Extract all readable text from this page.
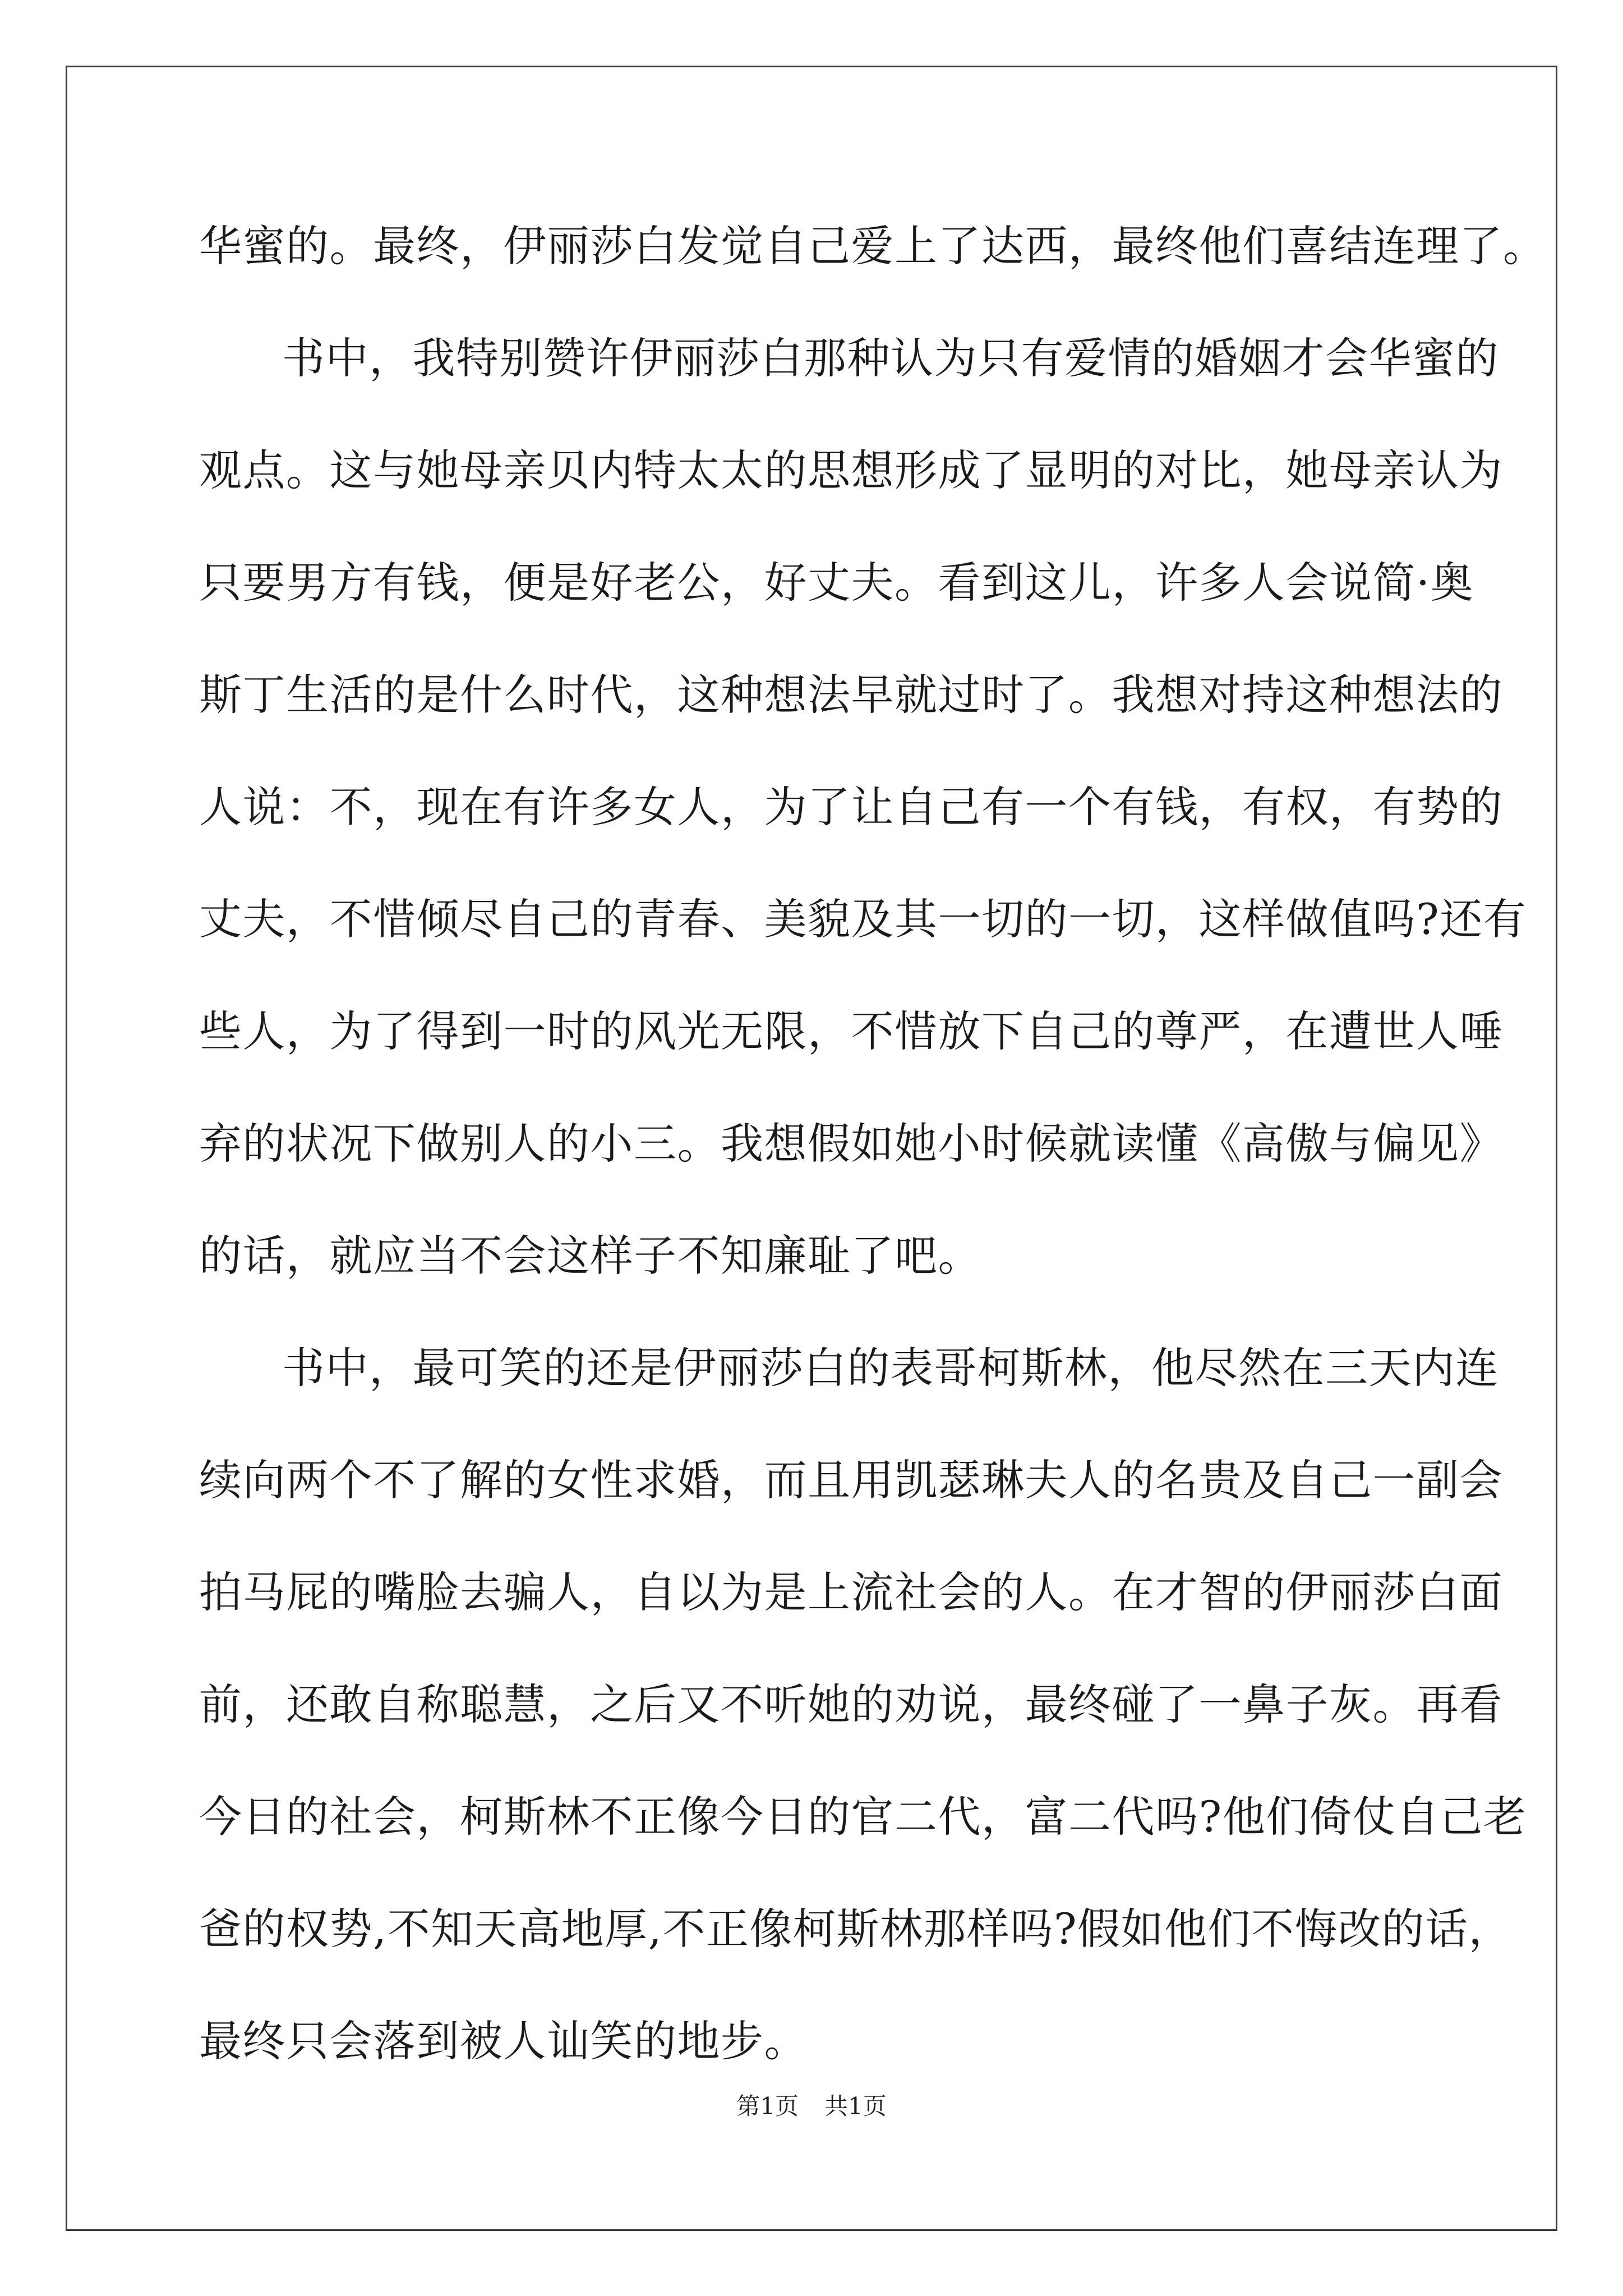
华蜜的。最终，伊丽莎白发觉自己爱上了达西，最终他们喜结连理了。
书中，我特别赞许伊丽莎白那种认为只有爱情的婚姻才会华蜜的
观点。这与她母亲贝内特太太的思想形成了显明的对比，她母亲认为
只要男方有钱，便是好老公，好丈夫。看到这儿，许多人会说简·奥
斯丁生活的是什么时代，这种想法早就过时了。我想对持这种想法的
人说：不，现在有许多女人，为了让自己有一个有钱，有权，有势的
丈夫，不惜倾尽自己的青春、美貌及其一切的一切，这样做值吗?还有
些人，为了得到一时的风光无限，不惜放下自己的尊严，在遭世人唾
弃的状况下做别人的小三。我想假如她小时候就读懂《高傲与偏见》
的话，就应当不会这样子不知廉耻了吧。
书中，最可笑的还是伊丽莎白的表哥柯斯林，他尽然在三天内连
续向两个不了解的女性求婚，而且用凯瑟琳夫人的名贵及自己一副会
拍马屁的嘴脸去骗人，自以为是上流社会的人。在才智的伊丽莎白面
前，还敢自称聪慧，之后又不听她的劝说，最终碰了一鼻子灰。再看
今日的社会，柯斯林不正像今日的官二代，富二代吗?他们倚仗自己老
爸的权势,不知天高地厚,不正像柯斯林那样吗?假如他们不悔改的话，
最终只会落到被人讪笑的地步。
第1页 共1页
